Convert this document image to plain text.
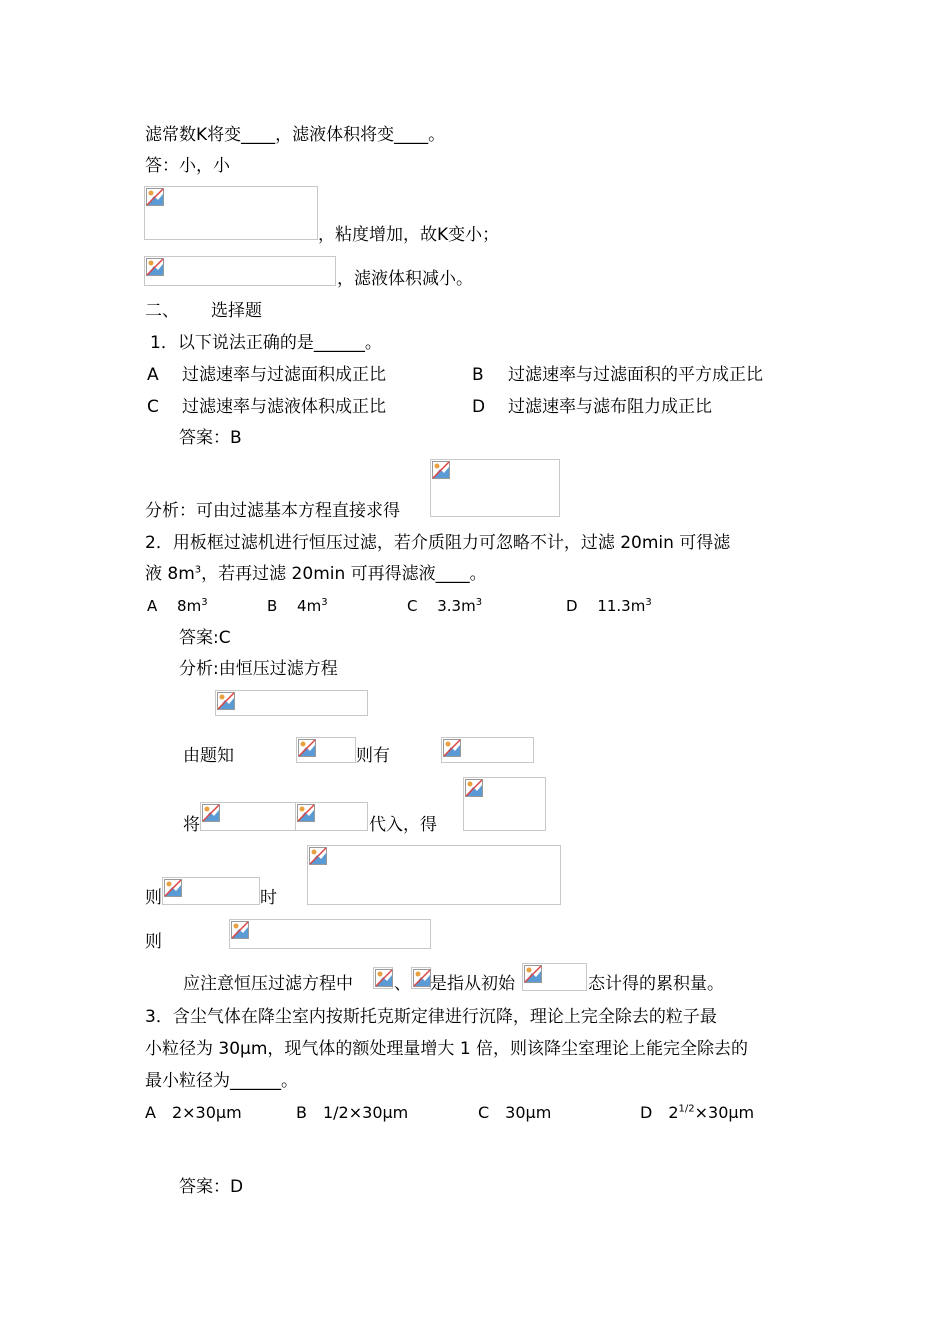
滤常数K将变____，滤液体积将变____。
答：小，小
，粘度增加，故K变小；
，滤液体积减小。
二、 选择题
1．以下说法正确的是______。
A 过滤速率与过滤面积成正比	B 过滤速率与过滤面积的平方成正比
C 过滤速率与滤液体积成正比	D 过滤速率与滤布阻力成正比
答案：B
分析：可由过滤基本方程直接求得
2．用板框过滤机进行恒压过滤，若介质阻力可忽略不计，过滤 20min 可得滤
液 $8m^3$，若再过滤 20min 可再得滤液____。
A　 $8m^3$	B　 $4m^3$	C　 $3.3m^3$	D　 $11.3m^3$
答案:C
分析:由恒压过滤方程
由题知	则有
将	代入，得
则	时
则
应注意恒压过滤方程中 、 是指从初始	态计得的累积量。
3．含尘气体在降尘室内按斯托克斯定律进行沉降，理论上完全除去的粒子最
小粒径为 30μm，现气体的额处理量增大 1 倍，则该降尘室理论上能完全除去的
最小粒径为______。
A　2×30μm	B　1/2×30μm	C　30μm	D　$2^{1/2}\times 30\mu m$
答案：D
